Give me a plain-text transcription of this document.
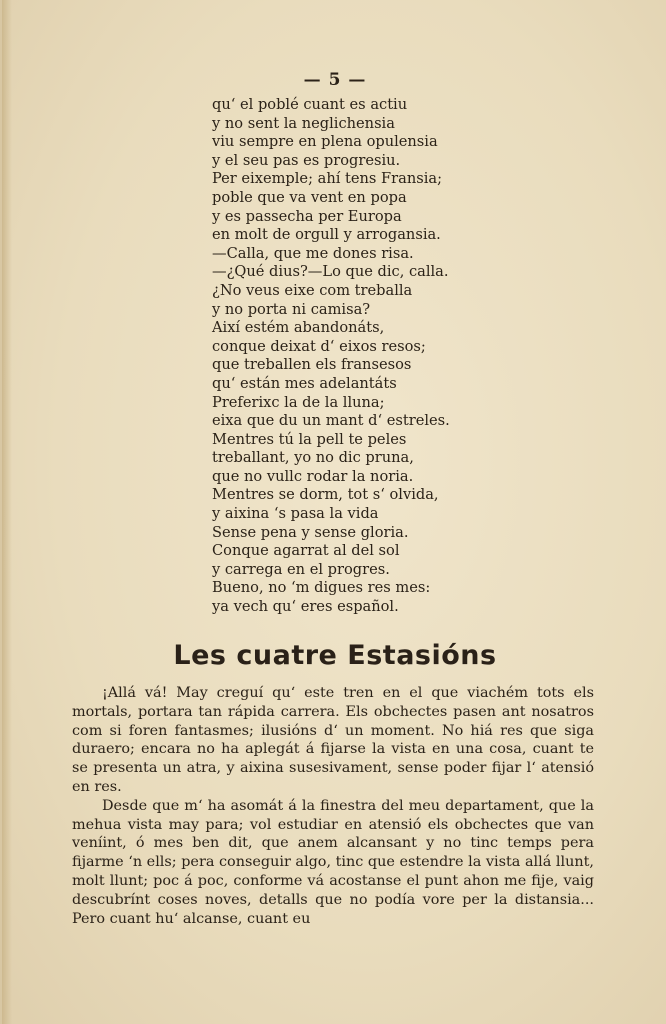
— 5 —
qu‘ el poblé cuant es actiu
y no sent la neglichensia
viu sempre en plena opulensia
y el seu pas es progresiu.
Per eixemple; ahí tens Fransia;
poble que va vent en popa
y es passecha per Europa
en molt de orgull y arrogansia.
—Calla, que me dones risa.
—¿Qué dius?—Lo que dic, calla.
¿No veus eixe com treballa
y no porta ni camisa?
Així estém abandonáts,
conque deixat d‘ eixos resos;
que treballen els fransesos
qu‘ están mes adelantáts
Preferixc la de la lluna;
eixa que du un mant d‘ estreles.
Mentres tú la pell te peles
treballant, yo no dic pruna,
que no vullc rodar la noria.
Mentres se dorm, tot s‘ olvida,
y aixina ‘s pasa la vida
Sense pena y sense gloria.
Conque agarrat al del sol
y carrega en el progres.
Bueno, no ‘m digues res mes:
ya vech qu‘ eres español.
Les cuatre Estasións

¡Allá vá! May creguí qu‘ este tren en el que viachém tots els mortals, portara tan rápida carrera. Els obchectes pasen ant nosatros com si foren fantasmes; ilusións d‘ un moment. No hiá res que siga duraero; encara no ha aplegát á fijarse la vista en una cosa, cuant te se presenta un atra, y aixina susesivament, sense poder fijar l‘ atensió en res.

Desde que m‘ ha asomát á la finestra del meu departament, que la mehua vista may para; vol estudiar en atensió els obchectes que van veníint, ó mes ben dit, que anem alcansant y no tinc temps pera fijarme ‘n ells; pera conseguir algo, tinc que estendre la vista allá llunt, molt llunt; poc á poc, conforme vá acostanse el punt ahon me fije, vaig descubrínt coses noves, detalls que no podía vore per la distansia... Pero cuant hu‘ alcanse, cuant eu
